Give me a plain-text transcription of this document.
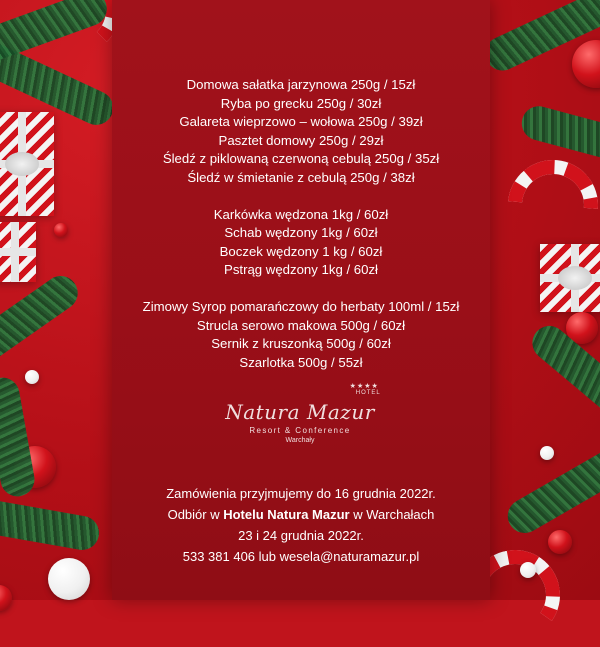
Domowa sałatka jarzynowa 250g / 15zł
Ryba po grecku 250g / 30zł
Galareta wieprzowo – wołowa 250g / 39zł
Pasztet domowy 250g / 29zł
Śledź z piklowaną czerwoną cebulą 250g / 35zł
Śledź w śmietanie z cebulą 250g / 38zł
Karkówka wędzona 1kg / 60zł
Schab wędzony 1kg / 60zł
Boczek wędzony 1 kg / 60zł
Pstrąg wędzony 1kg / 60zł
Zimowy Syrop pomarańczowy do herbaty 100ml / 15zł
Strucla serowo makowa 500g / 60zł
Sernik z kruszonką 500g / 60zł
Szarlotka 500g / 55zł
Natura Mazur
★★★★
HOTEL
Resort & Conference
Warchały
Zamówienia przyjmujemy do 16 grudnia 2022r.
Odbiór w Hotelu Natura Mazur w Warchałach
23 i 24 grudnia 2022r.
533 381 406 lub wesela@naturamazur.pl
